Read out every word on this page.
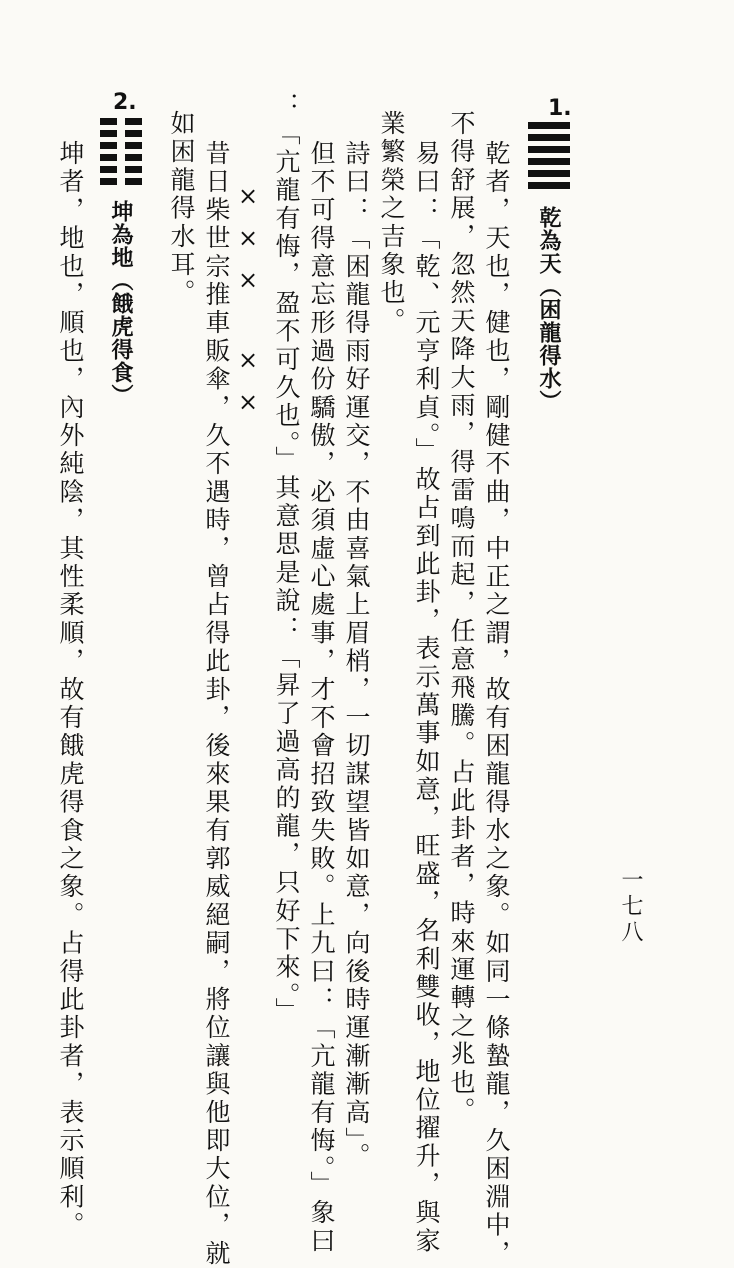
一七八
1.
乾為天（困龍得水）
乾者，天也，健也，剛健不曲，中正之謂，故有困龍得水之象。如同一條蟄龍，久困淵中，
不得舒展，忽然天降大雨，得雷鳴而起，任意飛騰。占此卦者，時來運轉之兆也。
易曰：「乾、元亨利貞。」故占到此卦，表示萬事如意，旺盛，名利雙收，地位擢升，與家
業繁榮之吉象也。
詩曰：「困龍得雨好運交，不由喜氣上眉梢，一切謀望皆如意，向後時運漸漸高」。
但不可得意忘形過份驕傲，必須虛心處事，才不會招致失敗。上九曰：「亢龍有悔。」象曰
：「亢龍有悔，盈不可久也。」其意思是說：「昇了過高的龍，只好下來。」
×××　××
昔日柴世宗推車販傘，久不遇時，曾占得此卦，後來果有郭威絕嗣，將位讓與他即大位，就
如困龍得水耳。
2.
坤為地（餓虎得食）
坤者，地也，順也，內外純陰，其性柔順，故有餓虎得食之象。占得此卦者，表示順利。
